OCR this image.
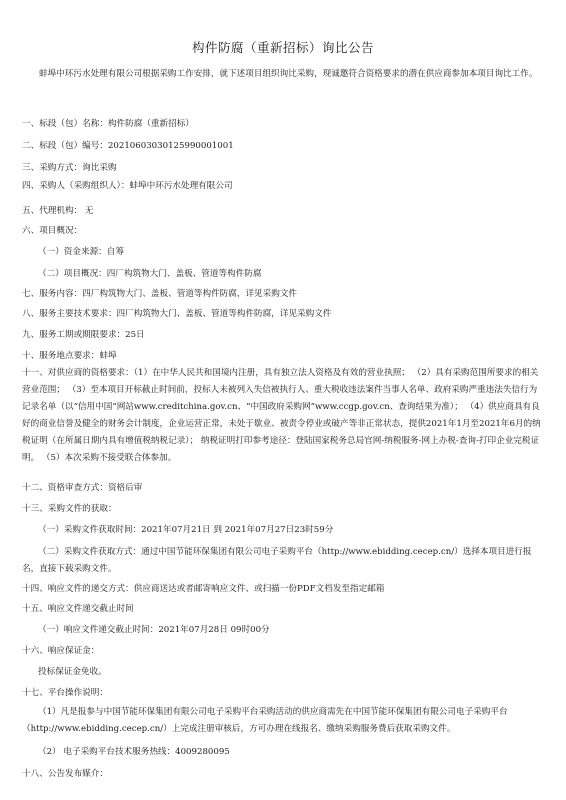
构件防腐（重新招标）询比公告

蚌埠中环污水处理有限公司根据采购工作安排，就下述项目组织询比采购，现诚邀符合资格要求的潜在供应商参加本项目询比工作。

一、标段（包）名称：构件防腐（重新招标）

二、标段（包）编号：2021060303012599000100​1

三、采购方式：询比采购

四、采购人（采购组织人）：蚌埠中环污水处理有限公司

五、代理机构： 无

六、项目概况：

（一）资金来源：自筹

（二）项目概况：四厂构筑物大门、盖板、管道等构件防腐

七、服务内容：四厂构筑物大门、盖板、管道等构件防腐，详见采购文件

八、服务主要技术要求：四厂构筑物大门、盖板、管道等构件防腐，详见采购文件

九、服务工期或期限要求：25日

十、服务地点要求：蚌埠

十一、对供应商的资格要求：（1）在中华人民共和国境内注册，具有独立法人资格及有效的营业执照； （2）具有采购范围所要求的相关营业范围； （3）至本项目开标截止时间前，投标人未被列入失信被执行人、重大税收违法案件当事人名单、政府采购严重违法失信行为记录名单（以“信用中国”网站www.creditchina.gov.cn、“中国政府采购网”www.ccgp.gov.cn、查询结果为准）； （4）供应商具有良好的商业信誉及健全的财务会计制度，企业运营正常，未处于歇业、被责令停业或破产等非正常状态，提供2021年1月至2021年6月的纳税证明（在所属日期内具有增值税纳税记录）； 纳税证明打印参考途径：登陆国家税务总局官网-纳税服务-网上办税-查询-打印企业完税证明。 （5）本次采购不接受联合体参加。

十二、资格审查方式：资格后审

十三、采购文件的获取：

（一）采购文件获取时间：2021年07月21日 到 2021年07月27日23时59分

（二）采购文件获取方式：通过中国节能环保集团有限公司电子采购平台（http://www.ebidding.cecep.cn/）选择本项目进行报名，直接下载采购文件。

十四、响应文件的递交方式：供应商送达或者邮寄响应文件、或扫描一份PDF文档发至指定邮箱

十五、响应文件递交截止时间

（一）响应文件递交截止时间：2021年07月28日 09时00分

十六、响应保证金：

投标保证金免收。

十七、平台操作说明：

（1）凡是报参与中国节能环保集团有限公司电子采购平台采购活动的供应商需先在中国节能环保集团有限公司电子采购平台（http://www.ebidding.cecep.cn/）上完成注册审核后，方可办理在线报名、缴纳采购服务费后获取采购文件。

（2） 电子采购平台技术服务热线：4009280095

十八、公告发布媒介：
